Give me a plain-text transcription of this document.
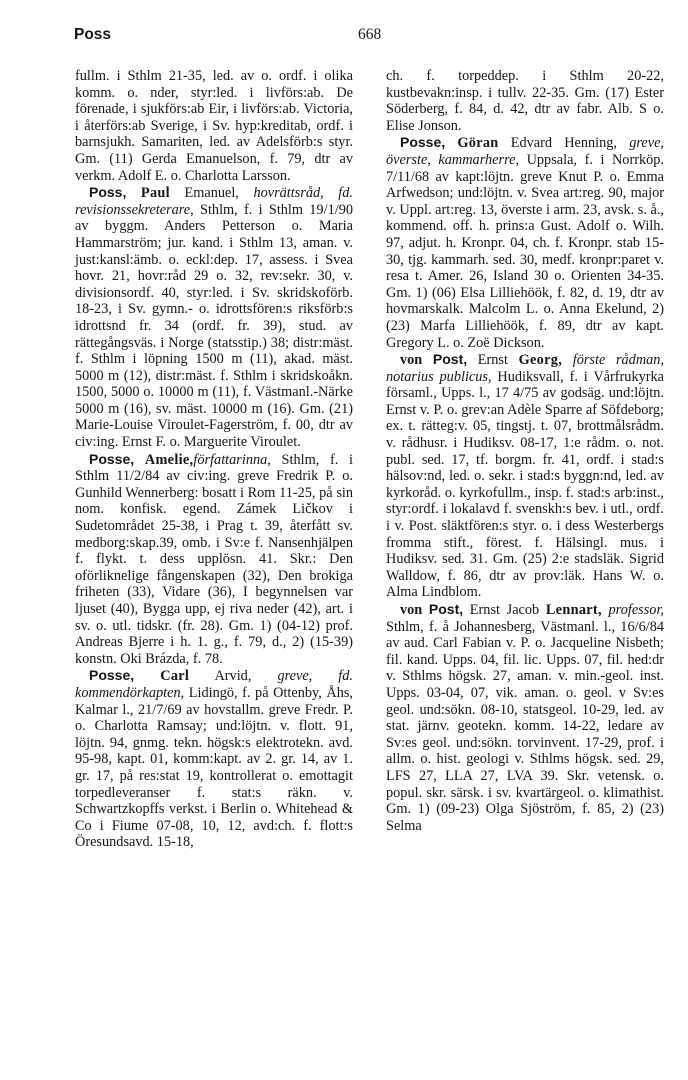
Poss	668

fullm. i Sthlm 21-35, led. av o. ordf. i olika komm. o. nder, styr:led. i livförs:ab. De förenade, i sjukförs:ab Eir, i livförs:ab. Victoria, i återförs:ab Sverige, i Sv. hyp:kreditab, ordf. i barnsjukh. Samariten, led. av Adelsförb:s styr. Gm. (11) Gerda Emanuelson, f. 79, dtr av verkm. Adolf E. o. Charlotta Larsson.

Poss, Paul Emanuel, hovrättsråd, fd. revisionssekreterare, Sthlm, f. i Sthlm 19/1/90 av byggm. Anders Petterson o. Maria Hammarström; jur. kand. i Sthlm 13, aman. v. just:kansl:ämb. o. eckl:dep. 17, assess. i Svea hovr. 21, hovr:råd 29 o. 32, rev:sekr. 30, v. divisionsordf. 40, styr:led. i Sv. skridskoförb. 18-23, i Sv. gymn.- o. idrottsfören:s riksförb:s idrottsnd fr. 34 (ordf. fr. 39), stud. av rättegångsväs. i Norge (statsstip.) 38; distr:mäst. f. Sthlm i löpning 1500 m (11), akad. mäst. 5000 m (12), distr:mäst. f. Sthlm i skridskoåkn. 1500, 5000 o. 10000 m (11), f. Västmanl.-Närke 5000 m (16), sv. mäst. 10000 m (16). Gm. (21) Marie-Louise Viroulet-Fagerström, f. 00, dtr av civ:ing. Ernst F. o. Marguerite Viroulet.

Posse, Amelie,författarinna, Sthlm, f. i Sthlm 11/2/84 av civ:ing. greve Fredrik P. o. Gunhild Wennerberg: bosatt i Rom 11-25, på sin nom. konfisk. egend. Zámek Ličkov i Sudetområdet 25-38, i Prag t. 39, återfått sv. medborg:skap.39, omb. i Sv:e f. Nansenhjälpen f. flykt. t. dess upplösn. 41. Skr.: Den oförliknelige fångenskapen (32), Den brokiga friheten (33), Vidare (36), I begynnelsen var ljuset (40), Bygga upp, ej riva neder (42), art. i sv. o. utl. tidskr. (fr. 28). Gm. 1) (04-12) prof. Andreas Bjerre i h. 1. g., f. 79, d., 2) (15-39) konstn. Oki Brázda, f. 78.

Posse, Carl Arvid, greve, fd. kommendörkapten, Lidingö, f. på Ottenby, Åhs, Kalmar l., 21/7/69 av hovstallm. greve Fredr. P. o. Charlotta Ramsay; und:löjtn. v. flott. 91, löjtn. 94, gnmg. tekn. högsk:s elektrotekn. avd. 95-98, kapt. 01, komm:kapt. av 2. gr. 14, av 1. gr. 17, på res:stat 19, kontrollerat o. emottagit torpedleveranser f. stat:s räkn. v. Schwartzkopffs verkst. i Berlin o. Whitehead & Co i Fiume 07-08, 10, 12, avd:ch. f. flott:s Öresundsavd. 15-18,

ch. f. torpeddep. i Sthlm 20-22, kustbevakn:insp. i tullv. 22-35. Gm. (17) Ester Söderberg, f. 84, d. 42, dtr av fabr. Alb. S o. Elise Jonson.

Posse, Göran Edvard Henning, greve, överste, kammarherre, Uppsala, f. i Norrköp. 7/11/68 av kapt:löjtn. greve Knut P. o. Emma Arfwedson; und:löjtn. v. Svea art:reg. 90, major v. Uppl. art:reg. 13, överste i arm. 23, avsk. s. å., kommend. off. h. prins:a Gust. Adolf o. Wilh. 97, adjut. h. Kronpr. 04, ch. f. Kronpr. stab 15-30, tjg. kammarh. sed. 30, medf. kronpr:paret v. resa t. Amer. 26, Island 30 o. Orienten 34-35. Gm. 1) (06) Elsa Lilliehöök, f. 82, d. 19, dtr av hovmarskalk. Malcolm L. o. Anna Ekelund, 2) (23) Marfa Lilliehöök, f. 89, dtr av kapt. Gregory L. o. Zoë Dickson.

von Post, Ernst Georg, förste rådman, notarius publicus, Hudiksvall, f. i Vårfrukyrka församl., Upps. l., 17 4/75 av godsäg. und:löjtn. Ernst v. P. o. grev:an Adèle Sparre af Söfdeborg; ex. t. rätteg:v. 05, tingstj. t. 07, brottmålsrådm. v. rådhusr. i Hudiksv. 08-17, 1:e rådm. o. not. publ. sed. 17, tf. borgm. fr. 41, ordf. i stad:s hälsov:nd, led. o. sekr. i stad:s byggn:nd, led. av kyrkoråd. o. kyrkofullm., insp. f. stad:s arb:inst., styr:ordf. i lokalavd f. svenskh:s bev. i utl., ordf. i v. Post. släktfören:s styr. o. i dess Westerbergs fromma stift., förest. f. Hälsingl. mus. i Hudiksv. sed. 31. Gm. (25) 2:e stadsläk. Sigrid Walldow, f. 86, dtr av prov:läk. Hans W. o. Alma Lindblom.

von Post, Ernst Jacob Lennart, professor, Sthlm, f. å Johannesberg, Västmanl. l., 16/6/84 av aud. Carl Fabian v. P. o. Jacqueline Nisbeth; fil. kand. Upps. 04, fil. lic. Upps. 07, fil. hed:dr v. Sthlms högsk. 27, aman. v. min.-geol. inst. Upps. 03-04, 07, vik. aman. o. geol. v Sv:es geol. und:sökn. 08-10, statsgeol. 10-29, led. av stat. järnv. geotekn. komm. 14-22, ledare av Sv:es geol. und:sökn. torvinvent. 17-29, prof. i allm. o. hist. geologi v. Sthlms högsk. sed. 29, LFS 27, LLA 27, LVA 39. Skr. vetensk. o. popul. skr. särsk. i sv. kvartärgeol. o. klimathist. Gm. 1) (09-23) Olga Sjöström, f. 85, 2) (23) Selma
